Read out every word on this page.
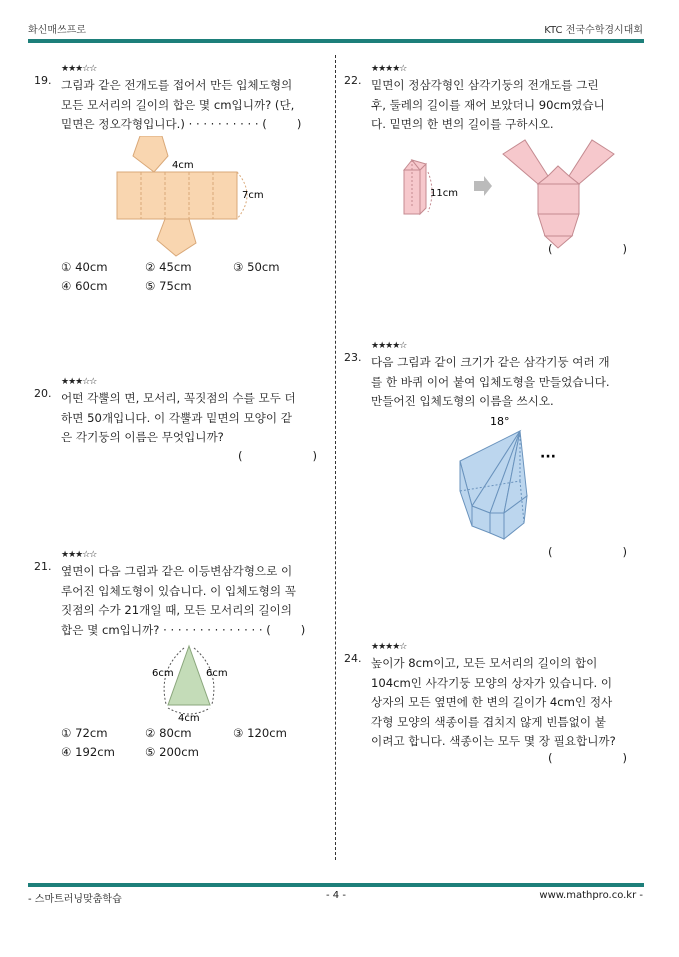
화신매쓰프로	KTC 전국수학경시대회
19.
★★★☆☆
그림과 같은 전개도를 접어서 만든 입체도형의
모든 모서리의 길이의 합은 몇 cm입니까? (단,
밑면은 정오각형입니다.) · · · · · · · · · · (	)
4cm
7cm
① 40cm	② 45cm	③ 50cm
④ 60cm	⑤ 75cm
20.
★★★☆☆
어떤 각뿔의 면, 모서리, 꼭짓점의 수를 모두 더
하면 50개입니다. 이 각뿔과 밑면의 모양이 같
은 각기둥의 이름은 무엇입니까?
(	)
21.
★★★☆☆
옆면이 다음 그림과 같은 이등변삼각형으로 이
루어진 입체도형이 있습니다. 이 입체도형의 꼭
짓점의 수가 21개일 때, 모든 모서리의 길이의
합은 몇 cm입니까? · · · · · · · · · · · · · · (	)
6cm	6cm
4cm
① 72cm	② 80cm	③ 120cm
④ 192cm	⑤ 200cm
22.
★★★★☆
밑면이 정삼각형인 삼각기둥의 전개도를 그린
후, 둘레의 길이를 재어 보았더니 90cm였습니
다. 밑면의 한 변의 길이를 구하시오.
11cm
(	)
23.
★★★★☆
다음 그림과 같이 크기가 같은 삼각기둥 여러 개
를 한 바퀴 이어 붙여 입체도형을 만들었습니다.
만들어진 입체도형의 이름을 쓰시오.
18°
···
(	)
24.
★★★★☆
높이가 8cm이고, 모든 모서리의 길이의 합이
104cm인 사각기둥 모양의 상자가 있습니다. 이
상자의 모든 옆면에 한 변의 길이가 4cm인 정사
각형 모양의 색종이를 겹치지 않게 빈틈없이 붙
이려고 합니다. 색종이는 모두 몇 장 필요합니까?
(	)
- 스마트러닝맞춤학습	- 4 -	www.mathpro.co.kr -
